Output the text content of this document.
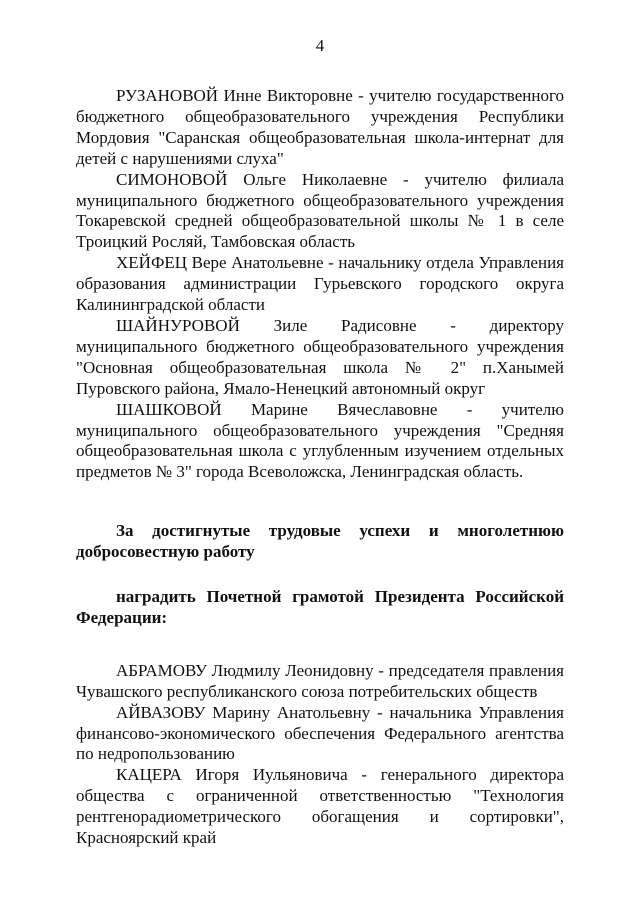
4

РУЗАНОВОЙ Инне Викторовне - учителю государственного бюджетного общеобразовательного учреждения Республики Мордовия "Саранская общеобразовательная школа-интернат для детей с нарушениями слуха"

СИМОНОВОЙ Ольге Николаевне - учителю филиала муниципального бюджетного общеобразовательного учреждения Токаревской средней общеобразовательной школы № 1 в селе Троицкий Росляй, Тамбовская область

ХЕЙФЕЦ Вере Анатольевне - начальнику отдела Управления образования администрации Гурьевского городского округа Калининградской области

ШАЙНУРОВОЙ Зиле Радисовне - директору муниципального бюджетного общеобразовательного учреждения "Основная общеобразовательная школа № 2" п.Ханымей Пуровского района, Ямало-Ненецкий автономный округ

ШАШКОВОЙ Марине Вячеславовне - учителю муниципального общеобразовательного учреждения "Средняя общеобразовательная школа с углубленным изучением отдельных предметов № 3" города Всеволожска, Ленинградская область.

За достигнутые трудовые успехи и многолетнюю добросовестную работу

наградить Почетной грамотой Президента Российской Федерации:

АБРАМОВУ Людмилу Леонидовну - председателя правления Чувашского республиканского союза потребительских обществ

АЙВАЗОВУ Марину Анатольевну - начальника Управления финансово-экономического обеспечения Федерального агентства по недропользованию

КАЦЕРА Игоря Иульяновича - генерального директора общества с ограниченной ответственностью "Технология рентгенорадиометрического обогащения и сортировки", Красноярский край
